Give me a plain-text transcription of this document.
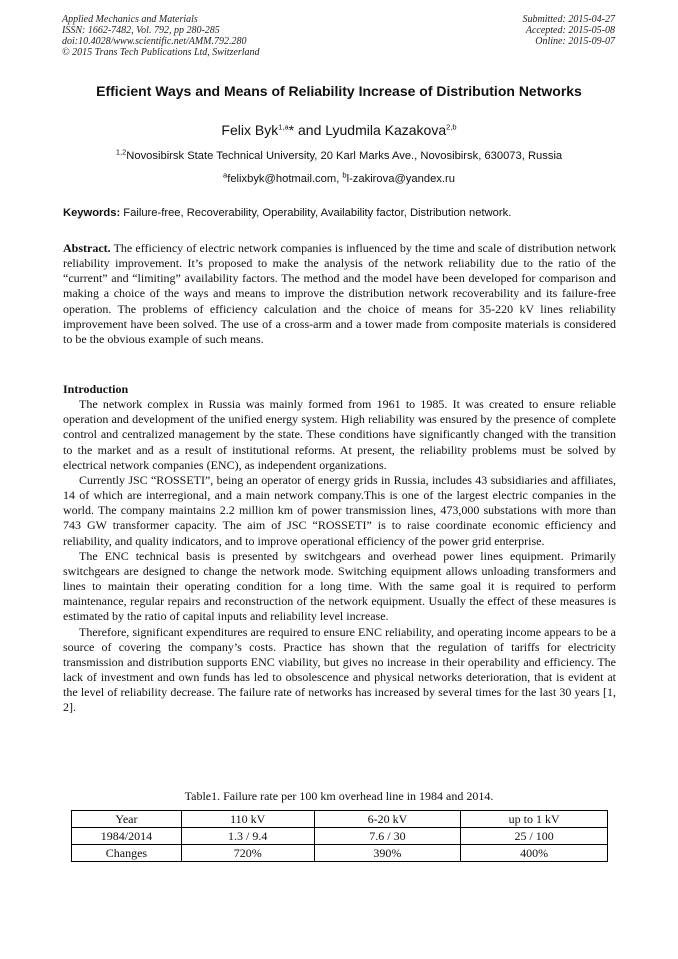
Applied Mechanics and Materials
ISSN: 1662-7482, Vol. 792, pp 280-285
doi:10.4028/www.scientific.net/AMM.792.280
© 2015 Trans Tech Publications Ltd, Switzerland
Submitted: 2015-04-27
Accepted: 2015-05-08
Online: 2015-09-07
Efficient Ways and Means of Reliability Increase of Distribution Networks
Felix Byk$^{1,a}$* and Lyudmila Kazakova$^{2,b}$
$^{1,2}$Novosibirsk State Technical University, 20 Karl Marks Ave., Novosibirsk, 630073, Russia
$^a$felixbyk@hotmail.com, $^b$l-zakirova@yandex.ru
Keywords: Failure-free, Recoverability, Operability, Availability factor, Distribution network.
Abstract. The efficiency of electric network companies is influenced by the time and scale of distribution network reliability improvement. It’s proposed to make the analysis of the network reliability due to the ratio of the “current” and “limiting” availability factors. The method and the model have been developed for comparison and making a choice of the ways and means to improve the distribution network recoverability and its failure-free operation. The problems of efficiency calculation and the choice of means for 35-220 kV lines reliability improvement have been solved. The use of a cross-arm and a tower made from composite materials is considered to be the obvious example of such means.
Introduction

The network complex in Russia was mainly formed from 1961 to 1985. It was created to ensure reliable operation and development of the unified energy system. High reliability was ensured by the presence of complete control and centralized management by the state. These conditions have significantly changed with the transition to the market and as a result of institutional reforms. At present, the reliability problems must be solved by electrical network companies (ENC), as independent organizations.

Currently JSC “ROSSETI”, being an operator of energy grids in Russia, includes 43 subsidiaries and affiliates, 14 of which are interregional, and a main network company.This is one of the largest electric companies in the world. The company maintains 2.2 million km of power transmission lines, 473,000 substations with more than 743 GW transformer capacity. The aim of JSC “ROSSETI” is to raise coordinate economic efficiency and reliability, and quality indicators, and to improve operational efficiency of the power grid enterprise.

The ENC technical basis is presented by switchgears and overhead power lines equipment. Primarily switchgears are designed to change the network mode. Switching equipment allows unloading transformers and lines to maintain their operating condition for a long time. With the same goal it is required to perform maintenance, regular repairs and reconstruction of the network equipment. Usually the effect of these measures is estimated by the ratio of capital inputs and reliability level increase.

Therefore, significant expenditures are required to ensure ENC reliability, and operating income appears to be a source of covering the company’s costs. Practice has shown that the regulation of tariffs for electricity transmission and distribution supports ENC viability, but gives no increase in their operability and efficiency. The lack of investment and own funds has led to obsolescence and physical networks deterioration, that is evident at the level of reliability decrease. The failure rate of networks has increased by several times for the last 30 years [1, 2].

Table1. Failure rate per 100 km overhead line in 1984 and 2014.
Year	110 kV	6-20 kV	up to 1 kV
1984/2014	1.3 / 9.4	7.6 / 30	25 / 100
Changes	720%	390%	400%
